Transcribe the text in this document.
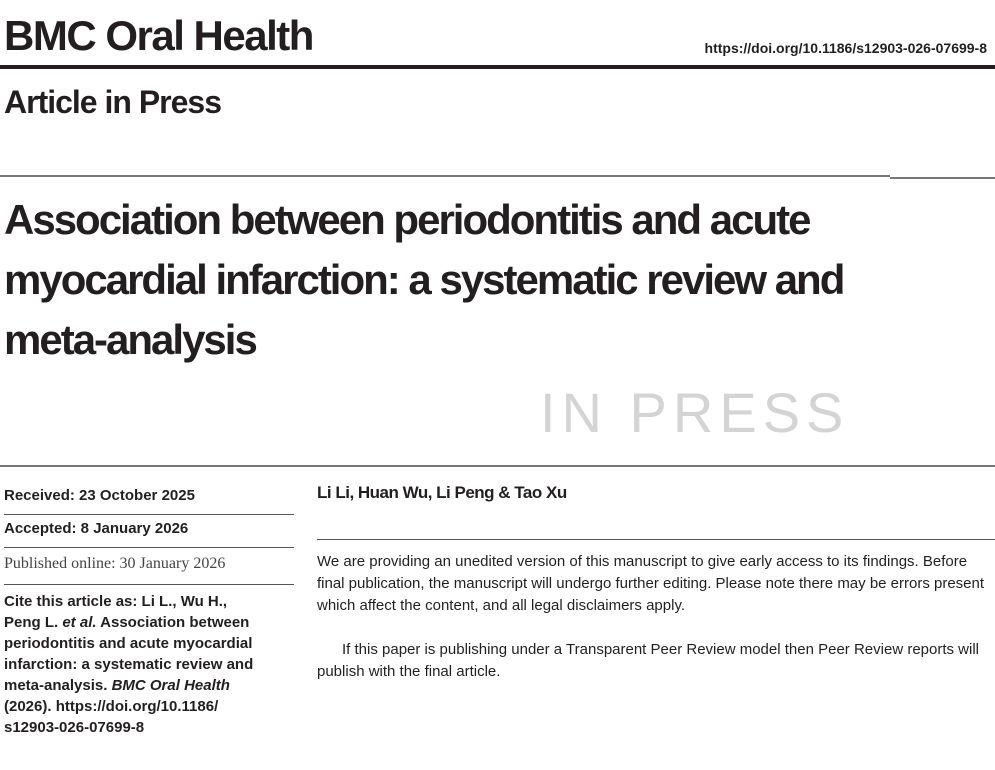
IN PRESS
BMC Oral Health	https://doi.org/10.1186/s12903-026-07699-8
Article in Press
Association between periodontitis and acute
myocardial infarction: a systematic review and
meta-analysis
Received: 23 October 2025
Accepted: 8 January 2026
Published online: 30 January 2026
Cite this article as: Li L., Wu H.,
Peng L. et al. Association between
periodontitis and acute myocardial
infarction: a systematic review and
meta-analysis. BMC Oral Health
(2026). https://doi.org/10.1186/
s12903-026-07699-8
Li Li, Huan Wu, Li Peng & Tao Xu

We are providing an unedited version of this manuscript to give early access to its findings. Before final publication, the manuscript will undergo further editing. Please note there may be errors present which affect the content, and all legal disclaimers apply.

If this paper is publishing under a Transparent Peer Review model then Peer Review reports will publish with the final article.
